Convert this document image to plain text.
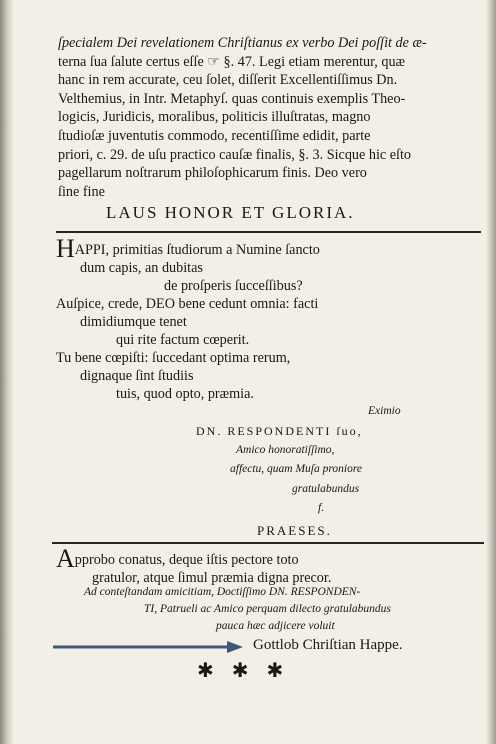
ſpecialem Dei revelationem Chriſtianus ex verbo Dei poſſit de æ-
terna ſua ſalute certus eſſe ☞ §. 47. Legi etiam merentur, quæ
hanc in rem accurate, ceu ſolet, diſſerit Excellentiſſimus Dn.
Velthemius, in Intr. Metaphyſ. quas continuis exemplis Theo-
logicis, Juridicis, moralibus, politicis illuſtratas, magno
ſtudioſæ juventutis commodo, recentiſſime edidit, parte
priori, c. 29. de uſu practico cauſæ finalis, §. 3. Sicque hic eſto
pagellarum noſtrarum philoſophicarum finis. Deo vero
ſine fine
LAUS HONOR ET GLORIA.
HAPPI, primitias ſtudiorum a Numine ſancto
dum capis, an dubitas
de proſperis ſucceſſibus?
Auſpice, crede, DEO bene cedunt omnia: facti
dimidiumque tenet
qui rite factum cœperit.
Tu bene cœpiſti: ſuccedant optima rerum,
dignaque ſint ſtudiis
tuis, quod opto, præmia.
Eximio
DN. RESPONDENTI ſuo,
Amico honoratiſſimo,
affectu, quam Muſa proniore
gratulabundus
f.
PRAESES.
Approbo conatus, deque iſtis pectore toto
gratulor, atque ſimul præmia digna precor.
Ad conteſtandam amicitiam, Doctiſſimo DN. RESPONDEN-
TI, Patrueli ac Amico perquam dilecto gratulabundus
pauca hæc adjicere voluit
Gottlob Chriſtian Happe.
✱✱✱
